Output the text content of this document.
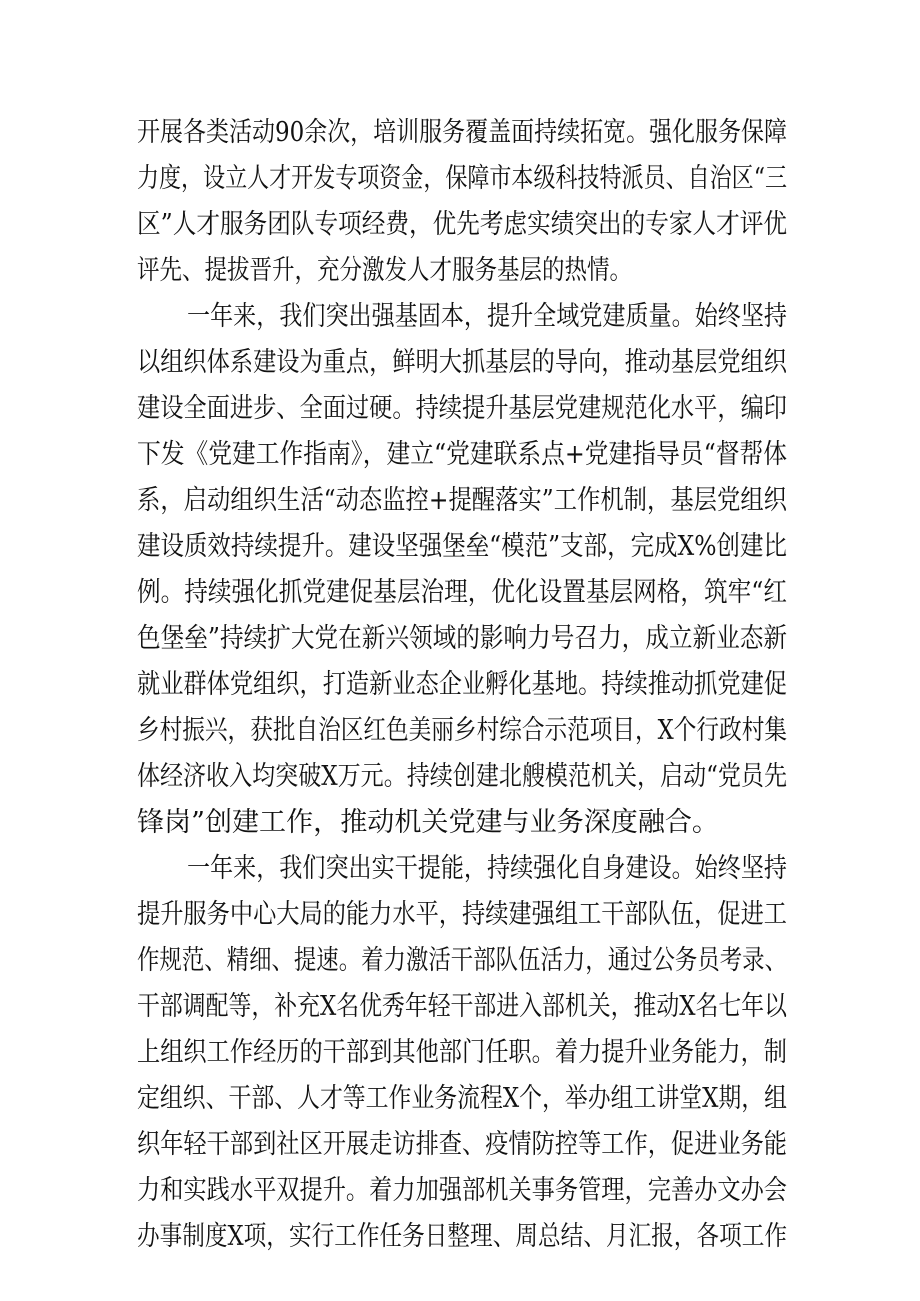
开展各类活动90余次，培训服务覆盖面持续拓宽。强化服务保障
力度，设立人才开发专项资金，保障市本级科技特派员、自治区“三
区”人才服务团队专项经费，优先考虑实绩突出的专家人才评优
评先、提拔晋升，充分激发人才服务基层的热情。
一年来，我们突出强基固本，提升全域党建质量。始终坚持
以组织体系建设为重点，鲜明大抓基层的导向，推动基层党组织
建设全面进步、全面过硬。持续提升基层党建规范化水平，编印
下发《党建工作指南》，建立“党建联系点+党建指导员“督帮体
系，启动组织生活“动态监控+提醒落实”工作机制，基层党组织
建设质效持续提升。建设坚强堡垒“模范”支部，完成X%创建比
例。持续强化抓党建促基层治理，优化设置基层网格，筑牢“红
色堡垒”持续扩大党在新兴领域的影响力号召力，成立新业态新
就业群体党组织，打造新业态企业孵化基地。持续推动抓党建促
乡村振兴，获批自治区红色美丽乡村综合示范项目，X个行政村集
体经济收入均突破X万元。持续创建北艘模范机关，启动“党员先
锋岗”创建工作，推动机关党建与业务深度融合。
一年来，我们突出实干提能，持续强化自身建设。始终坚持
提升服务中心大局的能力水平，持续建强组工干部队伍，促进工
作规范、精细、提速。着力激活干部队伍活力，通过公务员考录、
干部调配等，补充X名优秀年轻干部进入部机关，推动X名七年以
上组织工作经历的干部到其他部门任职。着力提升业务能力，制
定组织、干部、人才等工作业务流程X个，举办组工讲堂X期，组
织年轻干部到社区开展走访排查、疫情防控等工作，促进业务能
力和实践水平双提升。着力加强部机关事务管理，完善办文办会
办事制度X项，实行工作任务日整理、周总结、月汇报，各项工作
